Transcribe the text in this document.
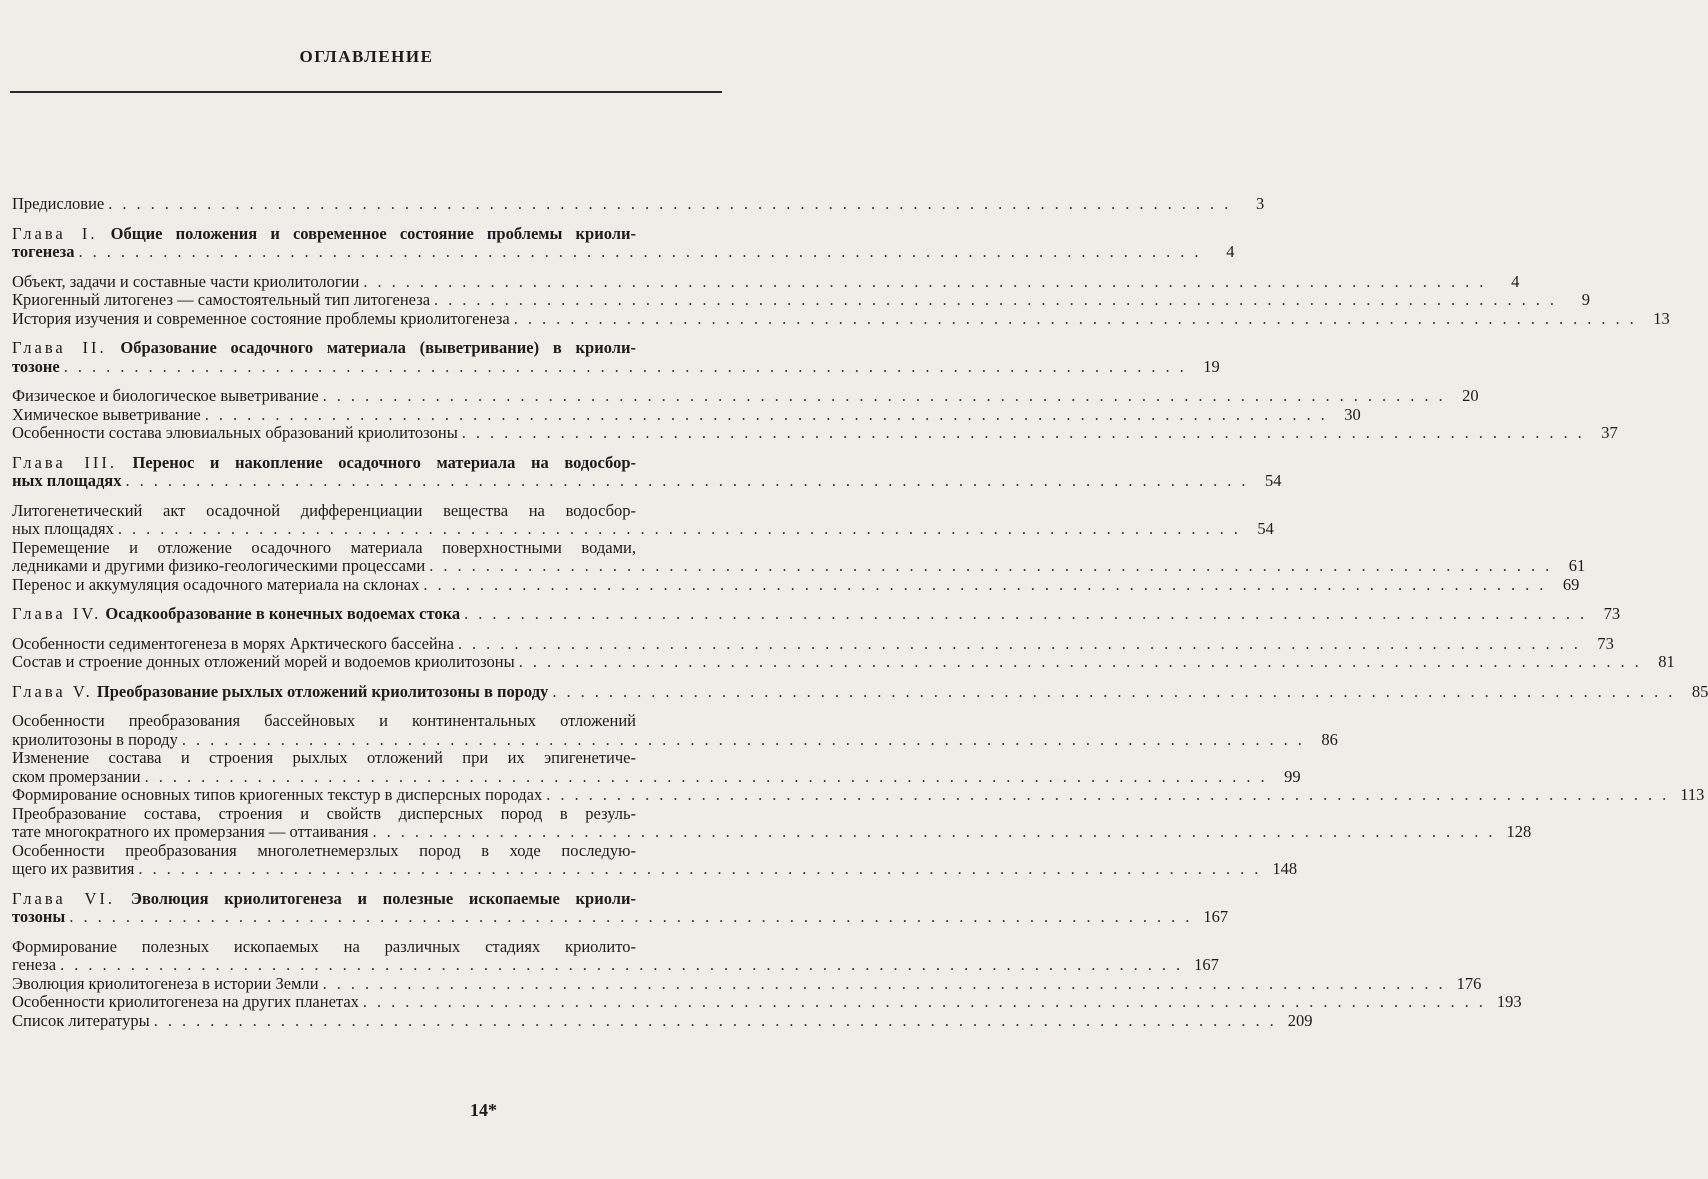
ОГЛАВЛЕНИЕ
Предисловие ................................................................................	3
Глава I. Общие положения и современное состояние проблемы криоли-
тогенеза ................................................................................	4
Объект, задачи и составные части криолитологии ................................................................................	4
Криогенный литогенез — самостоятельный тип литогенеза ................................................................................	9
История изучения и современное состояние проблемы криолитогенеза ................................................................................ 13
Глава II. Образование осадочного материала (выветривание) в криоли-
тозоне ................................................................................ 19
Физическое и биологическое выветривание ................................................................................ 20
Химическое выветривание ................................................................................ 30
Особенности состава элювиальных образований криолитозоны ................................................................................ 37
Глава III. Перенос и накопление осадочного материала на водосбор-
ных площадях ................................................................................ 54
Литогенетический акт осадочной дифференциации вещества на водосбор-
ных площадях ................................................................................ 54
Перемещение и отложение осадочного материала поверхностными водами,
ледниками и другими физико-геологическими процессами ................................................................................ 61
Перенос и аккумуляция осадочного материала на склонах ................................................................................ 69
Глава IV. Осадкообразование в конечных водоемах стока ................................................................................ 73
Особенности седиментогенеза в морях Арктического бассейна ................................................................................ 73
Состав и строение донных отложений морей и водоемов криолитозоны ................................................................................ 81
Глава V. Преобразование рыхлых отложений криолитозоны в породу ................................................................................ 85
Особенности преобразования бассейновых и континентальных отложений
криолитозоны в породу ................................................................................ 86
Изменение состава и строения рыхлых отложений при их эпигенетиче-
ском промерзании ................................................................................ 99
Формирование основных типов криогенных текстур в дисперсных породах ................................................................................ 113
Преобразование состава, строения и свойств дисперсных пород в резуль-
тате многократного их промерзания — оттаивания ................................................................................ 128
Особенности преобразования многолетнемерзлых пород в ходе последую-
щего их развития ................................................................................ 148
Глава VI. Эволюция криолитогенеза и полезные ископаемые криоли-
тозоны ................................................................................ 167
Формирование полезных ископаемых на различных стадиях криолито-
генеза ................................................................................ 167
Эволюция криолитогенеза в истории Земли ................................................................................ 176
Особенности криолитогенеза на других планетах ................................................................................ 193
Список литературы ................................................................................ 209
14*
